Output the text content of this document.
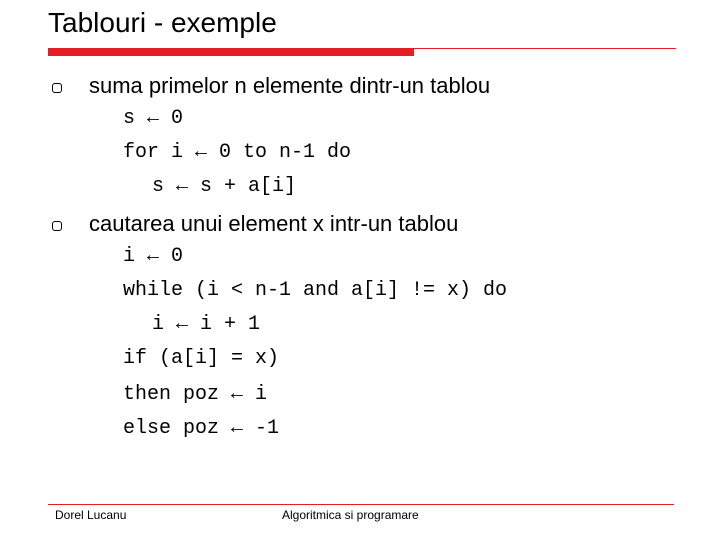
Tablouri - exemple
suma primelor n elemente dintr-un tablou
s ← 0
for i ← 0 to n-1 do
s ← s + a[i]
cautarea unui element x intr-un tablou
i ← 0
while (i < n-1 and a[i] != x) do
i ← i + 1
if (a[i] = x)
then poz ← i
else poz ← -1
Dorel Lucanu	Algoritmica si programare
